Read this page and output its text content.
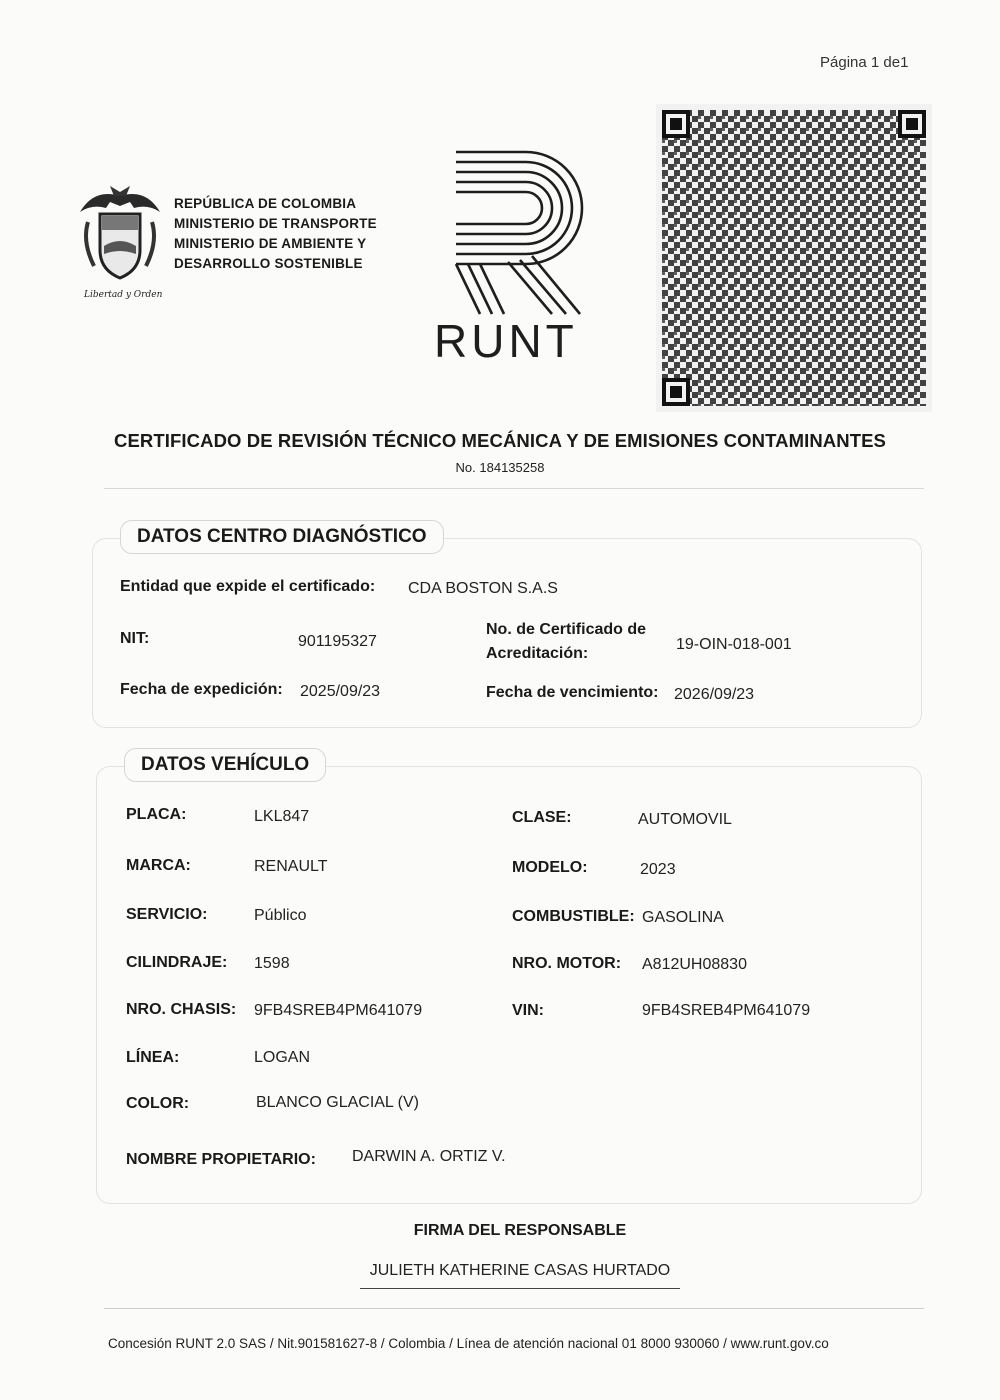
Página 1 de1
Libertad y Orden
REPÚBLICA DE COLOMBIA
MINISTERIO DE TRANSPORTE
MINISTERIO DE AMBIENTE Y
DESARROLLO SOSTENIBLE
RUNT
CERTIFICADO DE REVISIÓN TÉCNICO MECÁNICA Y DE EMISIONES CONTAMINANTES
No. 184135258
DATOS CENTRO DIAGNÓSTICO
Entidad que expide el certificado: CDA BOSTON S.A.S
NIT:	901195327
No. de Certificado de
Acreditación:
19-OIN-018-001
Fecha de expedición: 2025/09/23	Fecha de vencimiento: 2026/09/23
DATOS VEHÍCULO
PLACA:	LKL847	CLASE:	AUTOMOVIL
MARCA:	RENAULT	MODELO:	2023
SERVICIO:	Público	COMBUSTIBLE: GASOLINA
CILINDRAJE: 1598	NRO. MOTOR: A812UH08830
NRO. CHASIS: 9FB4SREB4PM641079	VIN:	9FB4SREB4PM641079
LÍNEA:	LOGAN
COLOR:	BLANCO GLACIAL (V)
NOMBRE PROPIETARIO: DARWIN A. ORTIZ V.
FIRMA DEL RESPONSABLE
JULIETH KATHERINE CASAS HURTADO
Concesión RUNT 2.0 SAS / Nit.901581627-8 / Colombia / Línea de atención nacional 01 8000 930060 / www.runt.gov.co
